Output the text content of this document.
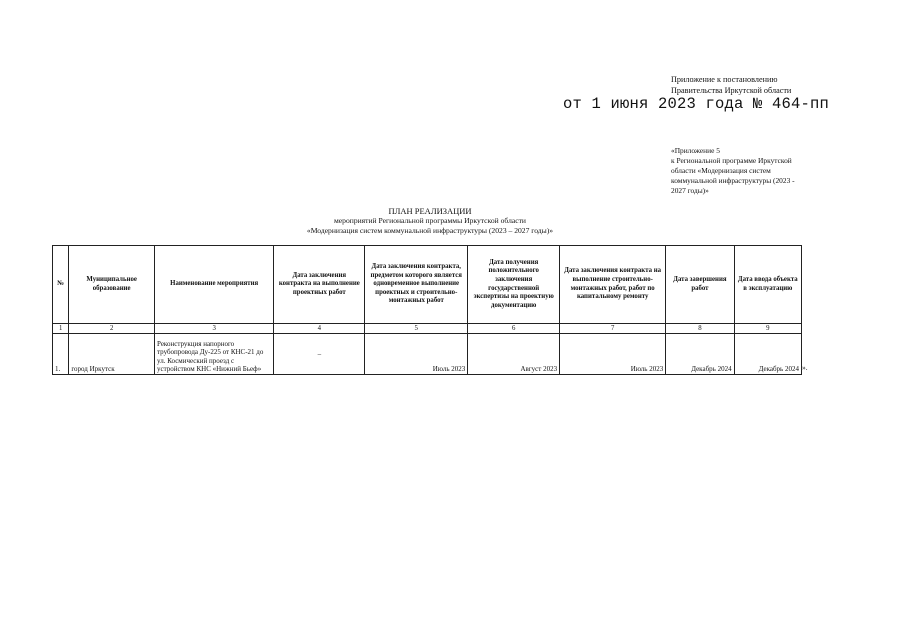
Приложение к постановлению
Правительства Иркутской области
от 1 июня 2023 года № 464-пп
«Приложение 5
к Региональной программе Иркутской
области «Модернизация систем
коммунальной инфраструктуры (2023 -
2027 годы)»
ПЛАН РЕАЛИЗАЦИИ
мероприятий Региональной программы Иркутской области
«Модернизация систем коммунальной инфраструктуры (2023 – 2027 годы)»
№	Муниципальное образование	Наименование мероприятия	Дата заключения контракта на выполнение проектных работ	Дата заключения контракта, предметом которого является одновременное выполнение проектных и строительно-монтажных работ	Дата получения положительного заключения государственной экспертизы на проектную документацию	Дата заключения контракта на выполнение строительно-монтажных работ, работ по капитальному ремонту	Дата завершения работ	Дата ввода объекта в эксплуатацию
1	2	3	4	5	6	7	8	9
1.	город Иркутск	Реконструкция напорного трубопровода Ду-225 от КНС-21 до ул. Космический проезд с устройством КНС «Нижний Бьеф»	–	Июль 2023	Август 2023	Июль 2023	Декабрь 2024	Декабрь 2024 ».
